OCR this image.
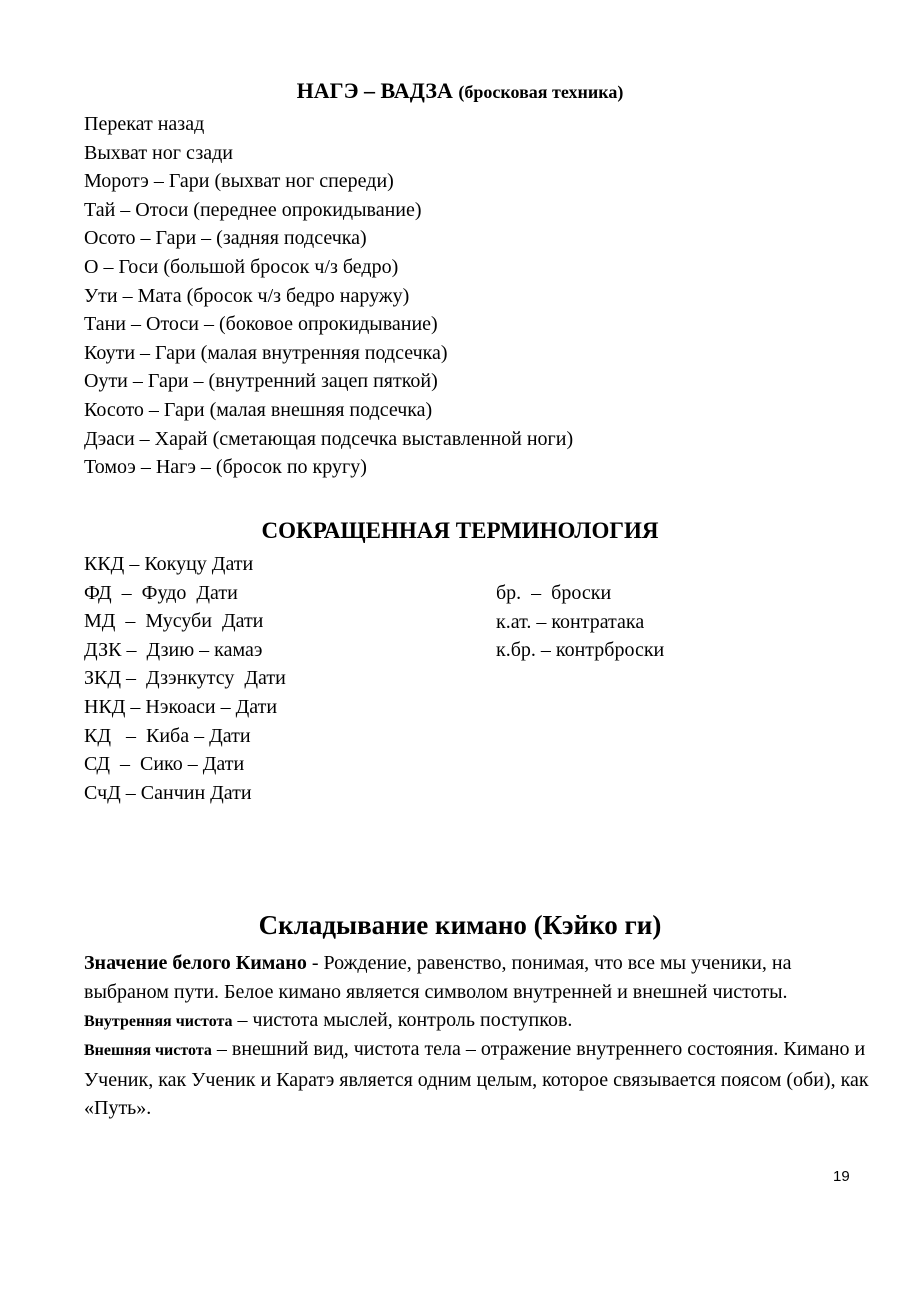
НАГЭ – ВАДЗА (бросковая техника)
Перекат назад
Выхват ног сзади
Моротэ – Гари (выхват ног спереди)
Тай – Отоси (переднее опрокидывание)
Осото – Гари – (задняя подсечка)
О – Госи (большой бросок ч/з бедро)
Ути – Мата (бросок ч/з бедро наружу)
Тани – Отоси – (боковое опрокидывание)
Коути – Гари (малая внутренняя подсечка)
Оути – Гари – (внутренний зацеп пяткой)
Косото – Гари (малая внешняя подсечка)
Дэаси – Харай (сметающая подсечка выставленной ноги)
Томоэ – Нагэ – (бросок по кругу)
СОКРАЩЕННАЯ ТЕРМИНОЛОГИЯ
ККД – Кокуцу Дати
ФД  –  Фудо  Дати
МД  –  Мусуби  Дати
ДЗК –  Дзию – камаэ
ЗКД –  Дзэнкутсу  Дати
НКД – Нэкоаси – Дати
КД   –  Киба – Дати
СД  –  Сико – Дати
СчД – Санчин Дати
бр.  –  броски
к.ат. – контратака
к.бр. – контрброски
Складывание кимано (Кэйко ги)

Значение белого Кимано - Рождение, равенство, понимая, что все мы ученики, на выбраном пути. Белое кимано является символом внутренней и внешней чистоты.

Внутренняя чистота – чистота мыслей, контроль поступков.

Внешняя чистота – внешний вид, чистота тела – отражение внутреннего состояния. Кимано и Ученик, как Ученик и Каратэ является одним целым, которое связывается поясом (оби), как «Путь».

19
